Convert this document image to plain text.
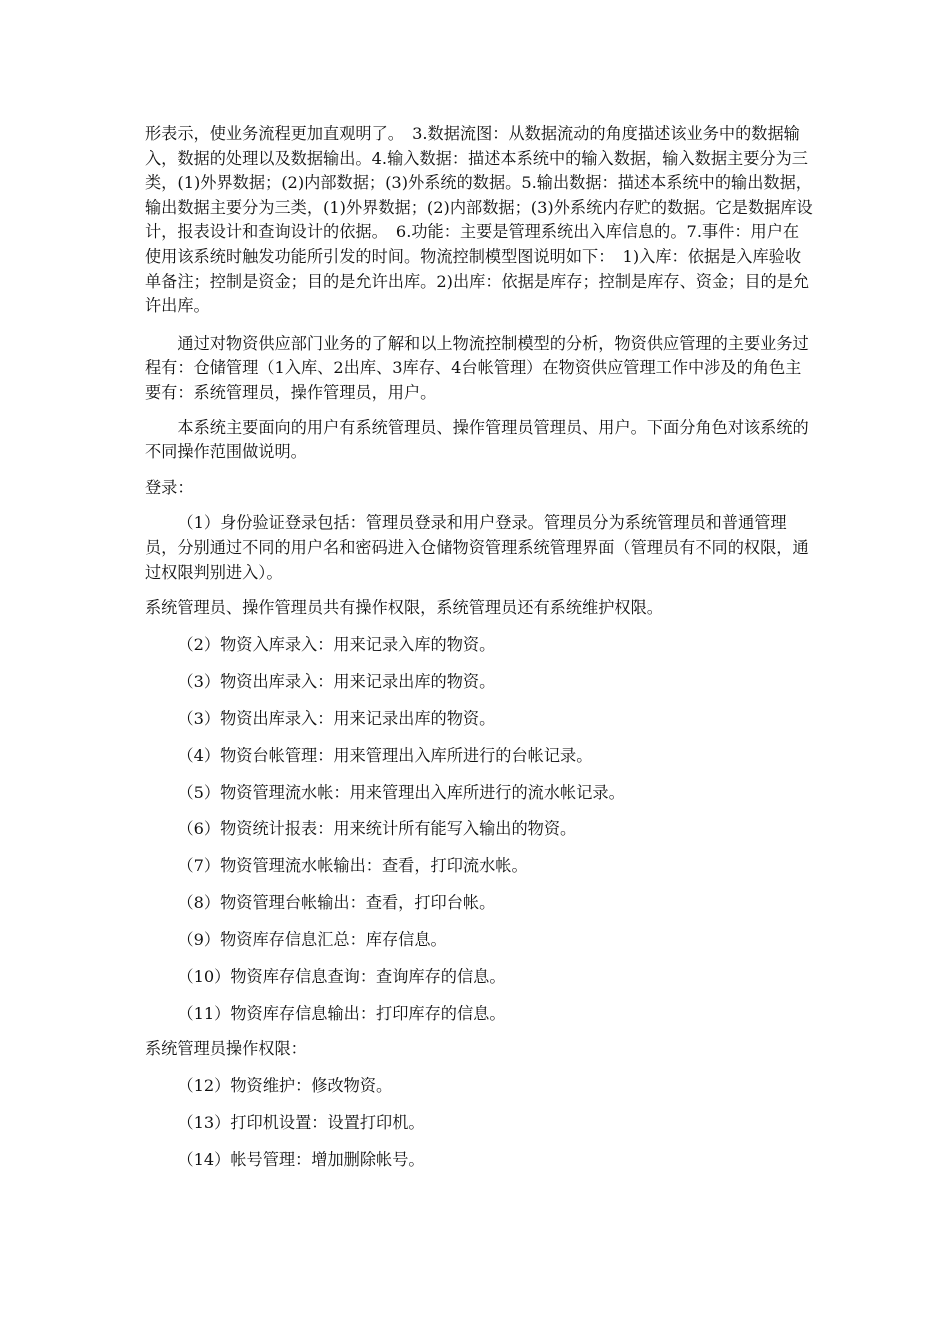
形表示，使业务流程更加直观明了。　3.数据流图：从数据流动的角度描述该业务中的数据输入，数据的处理以及数据输出。4.输入数据：描述本系统中的输入数据，输入数据主要分为三类，(1)外界数据；(2)内部数据；(3)外系统的数据。5.输出数据：描述本系统中的输出数据，输出数据主要分为三类，(1)外界数据；(2)内部数据；(3)外系统内存贮的数据。它是数据库设计，报表设计和查询设计的依据。　6.功能：主要是管理系统出入库信息的。7.事件：用户在使用该系统时触发功能所引发的时间。物流控制模型图说明如下：　1)入库：依据是入库验收单备注；控制是资金；目的是允许出库。2)出库：依据是库存；控制是库存、资金；目的是允许出库。

通过对物资供应部门业务的了解和以上物流控制模型的分析，物资供应管理的主要业务过程有：仓储管理（1入库、2出库、3库存、4台帐管理）在物资供应管理工作中涉及的角色主要有：系统管理员，操作管理员，用户。

本系统主要面向的用户有系统管理员、操作管理员管理员、用户。下面分角色对该系统的不同操作范围做说明。

登录：

（1）身份验证登录包括：管理员登录和用户登录。管理员分为系统管理员和普通管理员，分别通过不同的用户名和密码进入仓储物资管理系统管理界面（管理员有不同的权限，通过权限判别进入）。

系统管理员、操作管理员共有操作权限，系统管理员还有系统维护权限。

（2）物资入库录入：用来记录入库的物资。

（3）物资出库录入：用来记录出库的物资。

（3）物资出库录入：用来记录出库的物资。

（4）物资台帐管理：用来管理出入库所进行的台帐记录。

（5）物资管理流水帐：用来管理出入库所进行的流水帐记录。

（6）物资统计报表：用来统计所有能写入输出的物资。

（7）物资管理流水帐输出：查看，打印流水帐。

（8）物资管理台帐输出：查看，打印台帐。

（9）物资库存信息汇总：库存信息。

（10）物资库存信息查询：查询库存的信息。

（11）物资库存信息输出：打印库存的信息。

系统管理员操作权限：

（12）物资维护：修改物资。

（13）打印机设置：设置打印机。

（14）帐号管理：增加删除帐号。
